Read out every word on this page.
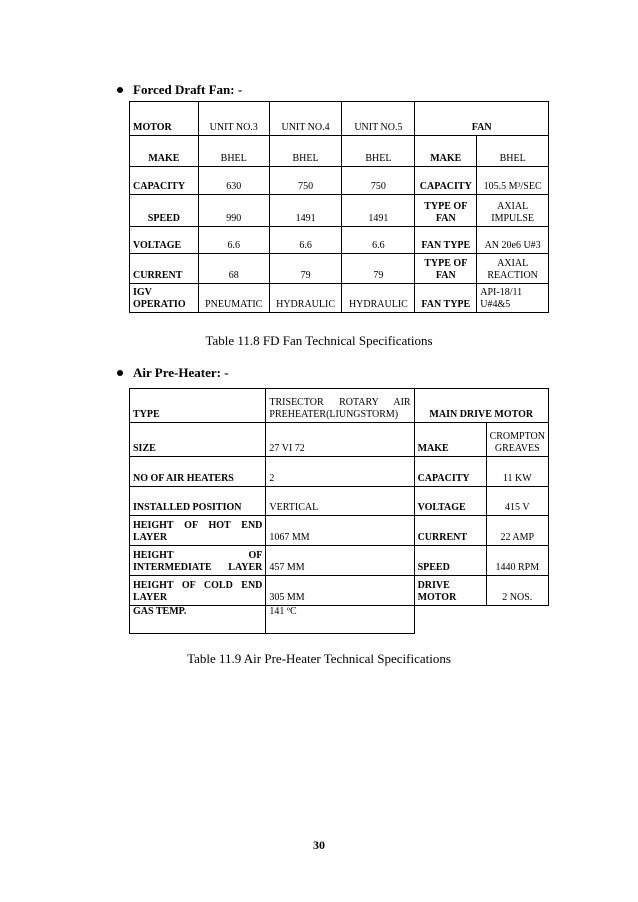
Forced Draft Fan: -
MOTOR	UNIT NO.3	UNIT NO.4	UNIT NO.5	FAN	
MAKE	BHEL	BHEL	BHEL	MAKE	BHEL
CAPACITY	630	750	750	CAPACITY	105.5 M³/SEC
SPEED	990	1491	1491	TYPE OF FAN	AXIAL IMPULSE
VOLTAGE	6.6	6.6	6.6	FAN TYPE	AN 20e6 U#3
CURRENT	68	79	79	TYPE OF FAN	AXIAL REACTION
IGV OPERATIO	PNEUMATIC	HYDRAULIC	HYDRAULIC	FAN TYPE	API-18/11 U#4&5
Table 11.8 FD Fan Technical Specifications
Air Pre-Heater: -
TYPE	TRISECTOR ROTARY AIR PREHEATER(LIUNGSTORM)	MAIN DRIVE MOTOR	
SIZE	27 VI 72	MAKE	CROMPTON GREAVES
NO OF AIR HEATERS	2	CAPACITY	11 KW
INSTALLED POSITION	VERTICAL	VOLTAGE	415 V
HEIGHT OF HOT END LAYER	1067 MM	CURRENT	22 AMP
HEIGHT OF INTERMEDIATE LAYER	457 MM	SPEED	1440 RPM
HEIGHT OF COLD END LAYER	305 MM	DRIVE MOTOR	2 NOS.
GAS TEMP.	141 ºC		
Table 11.9 Air Pre-Heater Technical Specifications
30
